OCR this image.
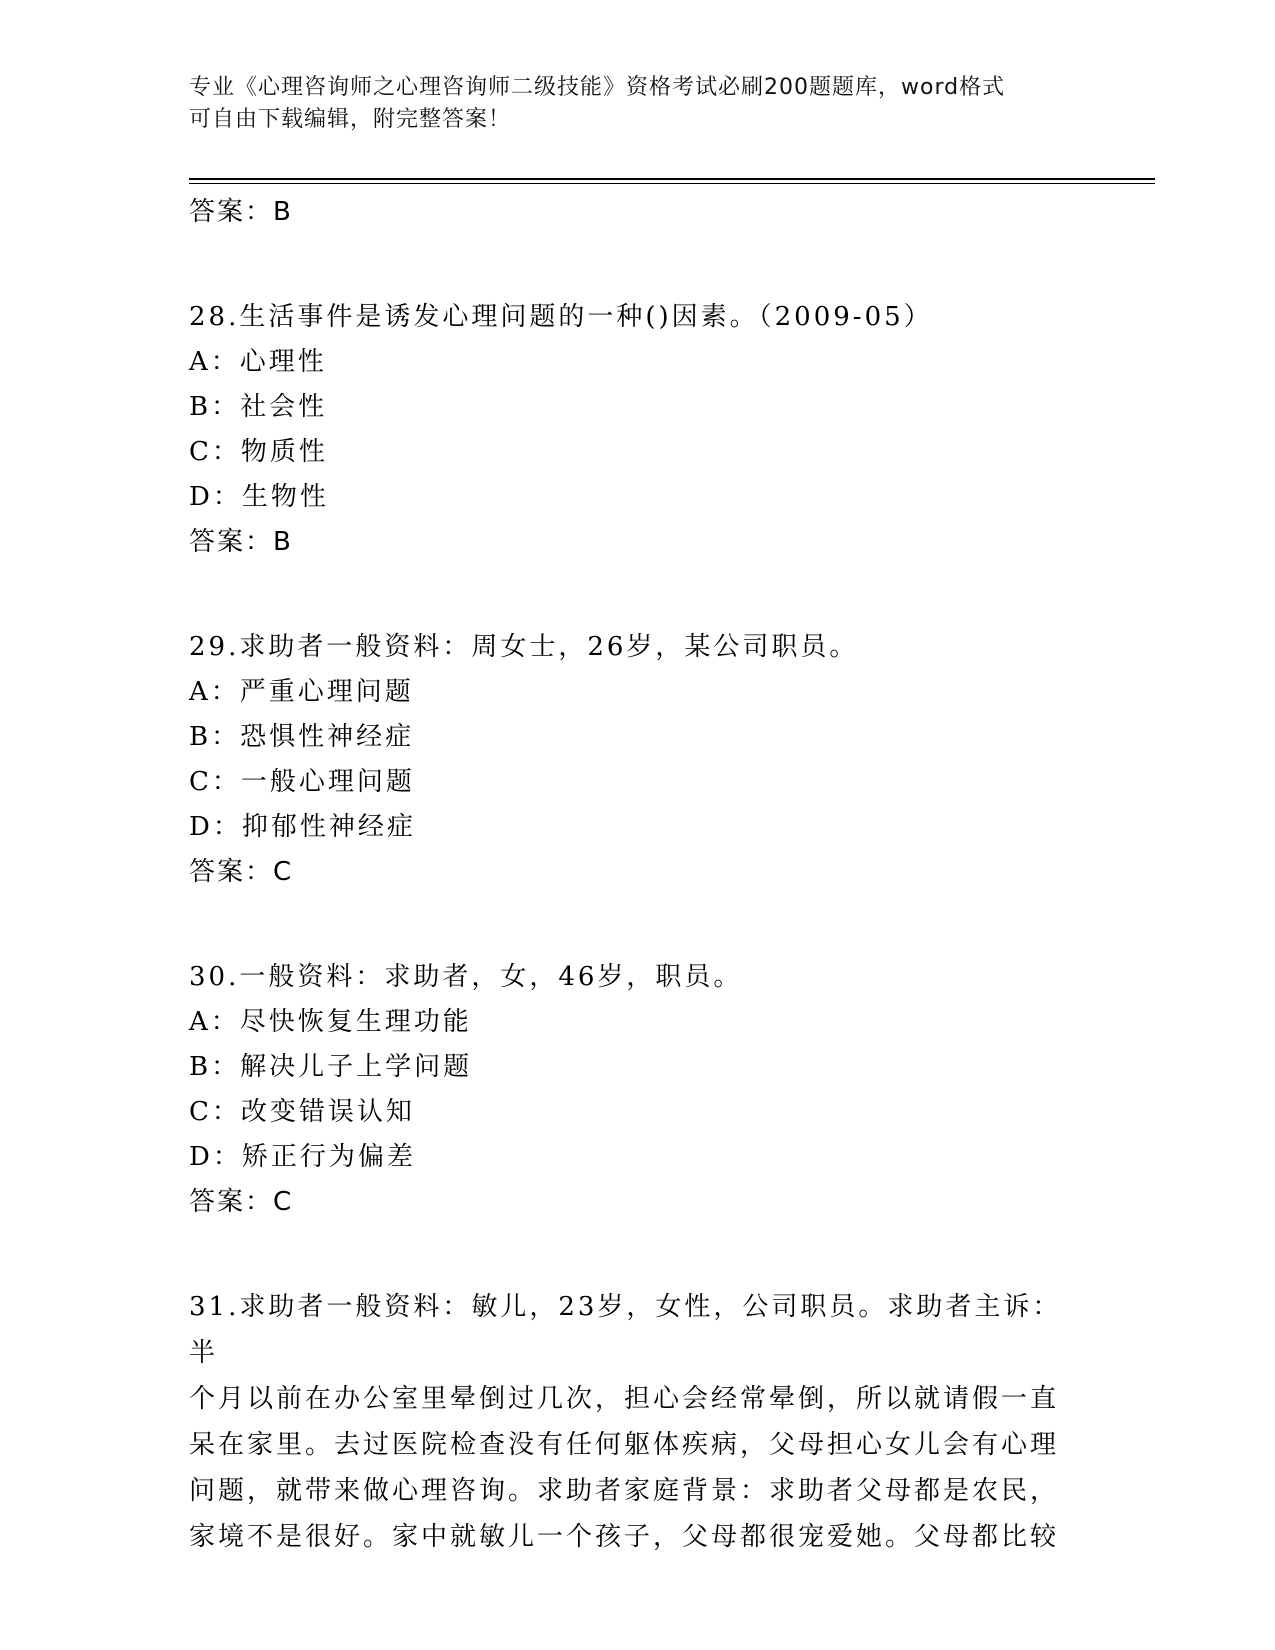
专业《心理咨询师之心理咨询师二级技能》资格考试必刷200题题库，word格式
可自由下载编辑，附完整答案！
答案：B
28.生活事件是诱发心理问题的一种()因素。（2009-05）
A：心理性
B：社会性
C：物质性
D：生物性
答案：B
29.求助者一般资料：周女士，26岁，某公司职员。
A：严重心理问题
B：恐惧性神经症
C：一般心理问题
D：抑郁性神经症
答案：C
30.一般资料：求助者，女，46岁，职员。
A：尽快恢复生理功能
B：解决儿子上学问题
C：改变错误认知
D：矫正行为偏差
答案：C
31.求助者一般资料：敏儿，23岁，女性，公司职员。求助者主诉：半
个月以前在办公室里晕倒过几次，担心会经常晕倒，所以就请假一直
呆在家里。去过医院检查没有任何躯体疾病，父母担心女儿会有心理
问题，就带来做心理咨询。求助者家庭背景：求助者父母都是农民，
家境不是很好。家中就敏儿一个孩子，父母都很宠爱她。父母都比较
